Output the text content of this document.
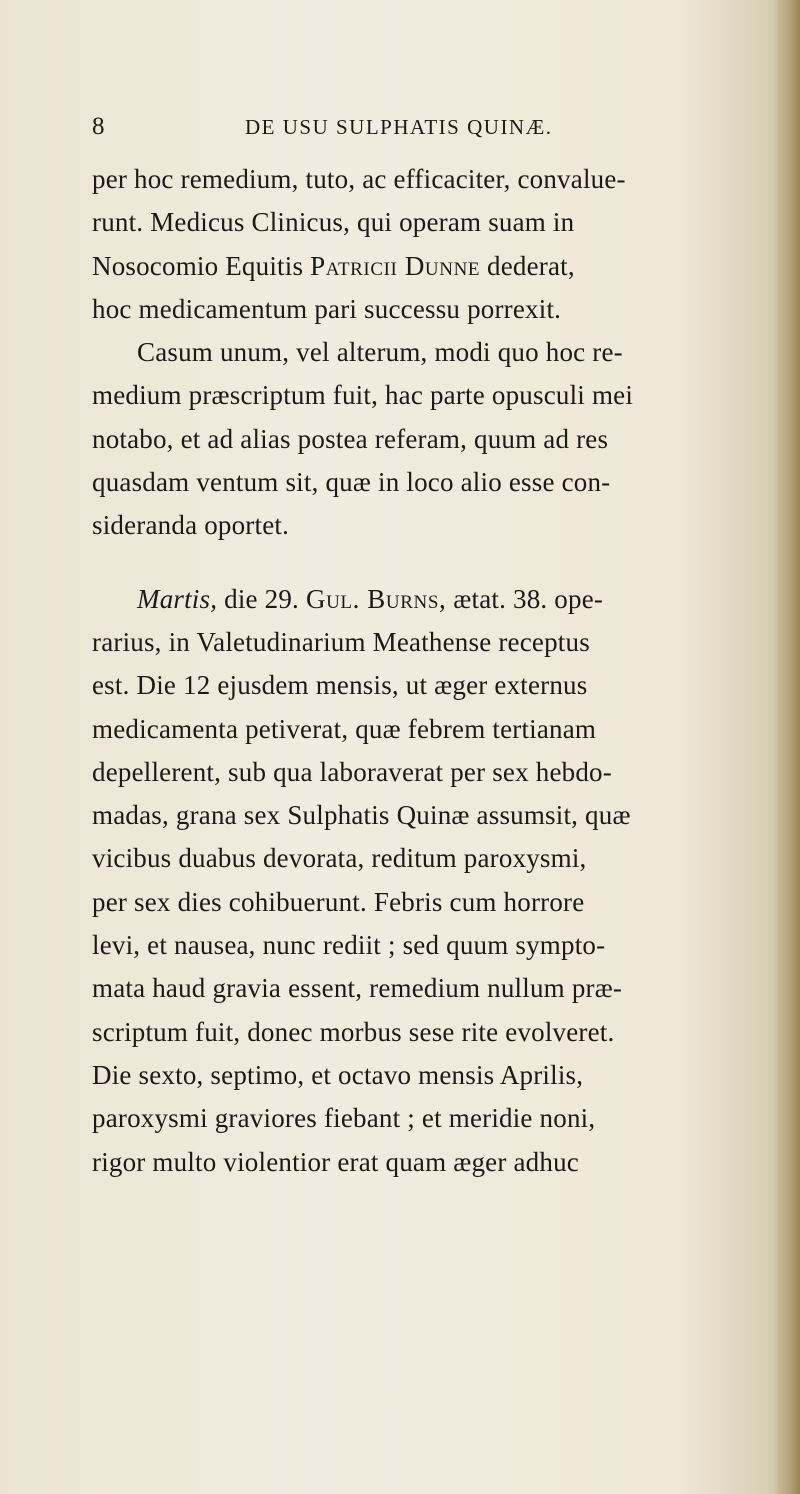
8	DE USU SULPHATIS QUINÆ.
per hoc remedium, tuto, ac efficaciter, convalue-
runt. Medicus Clinicus, qui operam suam in
Nosocomio Equitis Patricii Dunne dederat,
hoc medicamentum pari successu porrexit.
Casum unum, vel alterum, modi quo hoc re-
medium præscriptum fuit, hac parte opusculi mei
notabo, et ad alias postea referam, quum ad res
quasdam ventum sit, quæ in loco alio esse con-
sideranda oportet.
Martis, die 29. Gul. Burns, ætat. 38. ope-
rarius, in Valetudinarium Meathense receptus
est. Die 12 ejusdem mensis, ut æger externus
medicamenta petiverat, quæ febrem tertianam
depellerent, sub qua laboraverat per sex hebdo-
madas, grana sex Sulphatis Quinæ assumsit, quæ
vicibus duabus devorata, reditum paroxysmi,
per sex dies cohibuerunt. Febris cum horrore
levi, et nausea, nunc rediit ; sed quum sympto-
mata haud gravia essent, remedium nullum præ-
scriptum fuit, donec morbus sese rite evolveret.
Die sexto, septimo, et octavo mensis Aprilis,
paroxysmi graviores fiebant ; et meridie noni,
rigor multo violentior erat quam æger adhuc
